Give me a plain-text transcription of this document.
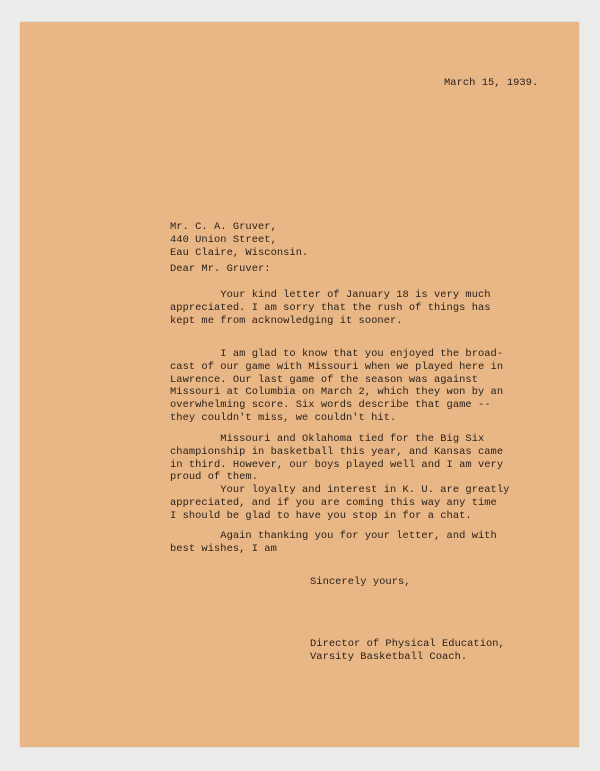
March 15, 1939.
Mr. C. A. Gruver,
440 Union Street,
Eau Claire, Wisconsin.
Dear Mr. Gruver:
Your kind letter of January 18 is very much
appreciated. I am sorry that the rush of things has
kept me from acknowledging it sooner.
I am glad to know that you enjoyed the broad-
cast of our game with Missouri when we played here in
Lawrence. Our last game of the season was against
Missouri at Columbia on March 2, which they won by an
overwhelming score. Six words describe that game --
they couldn't miss, we couldn't hit.
Missouri and Oklahoma tied for the Big Six
championship in basketball this year, and Kansas came
in third. However, our boys played well and I am very
proud of them.
Your loyalty and interest in K. U. are greatly
appreciated, and if you are coming this way any time
I should be glad to have you stop in for a chat.
Again thanking you for your letter, and with
best wishes, I am
Sincerely yours,
Director of Physical Education,
Varsity Basketball Coach.
